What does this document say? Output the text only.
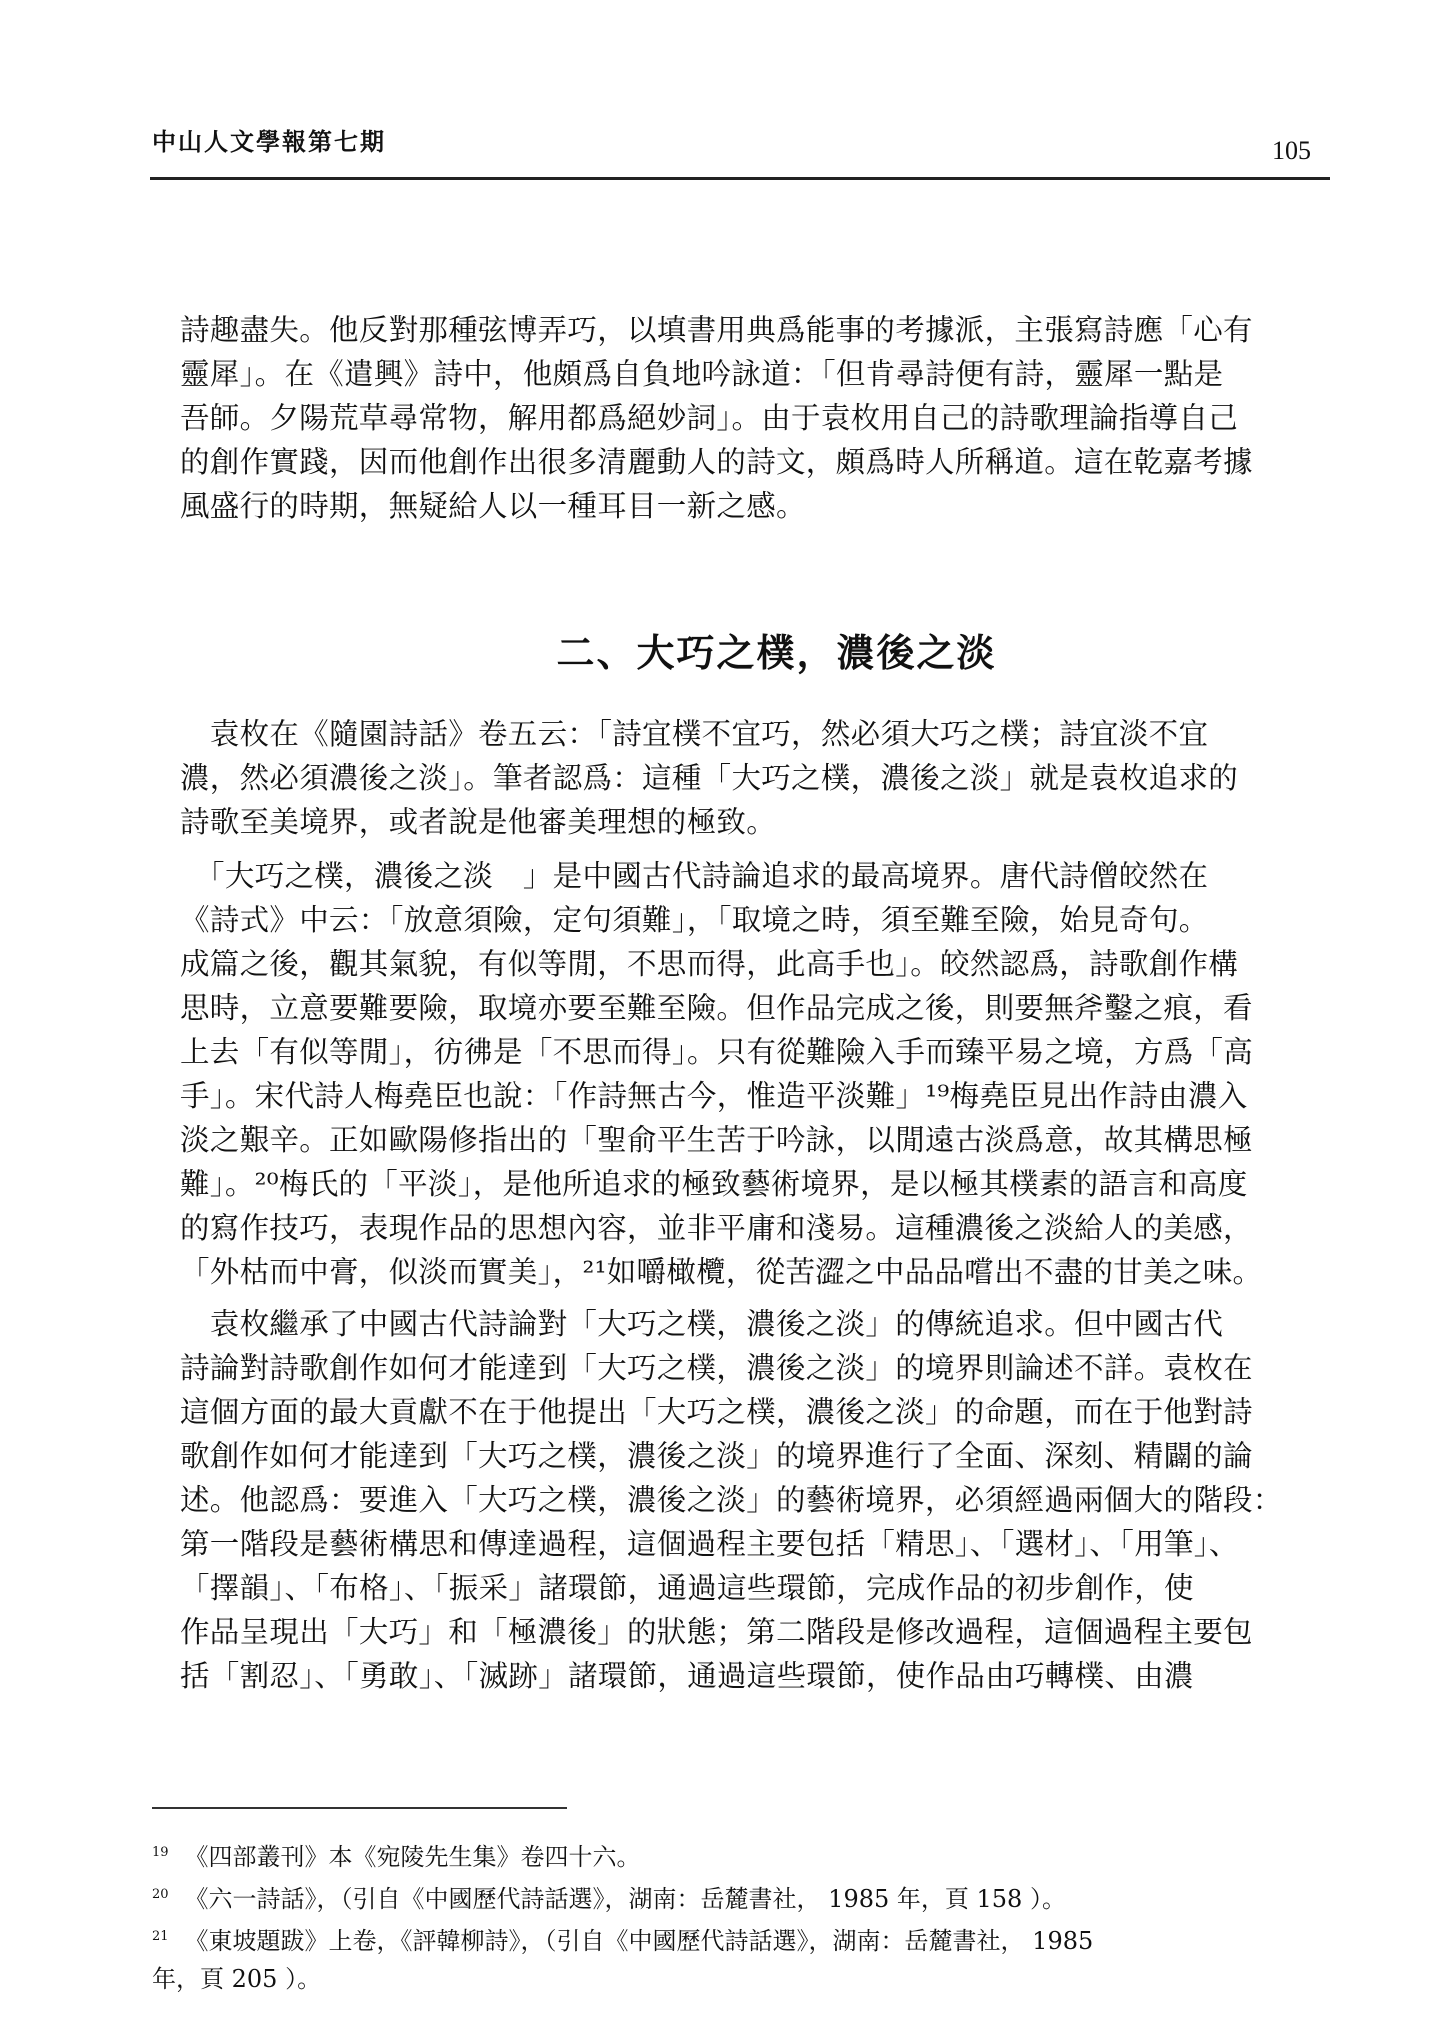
中山人文學報第七期	105
詩趣盡失。他反對那種弦博弄巧，以填書用典爲能事的考據派，主張寫詩應「心有
靈犀」。在《遣興》詩中，他頗爲自負地吟詠道：「但肯尋詩便有詩，靈犀一點是
吾師。夕陽荒草尋常物，解用都爲絕妙詞」。由于袁枚用自己的詩歌理論指導自己
的創作實踐，因而他創作出很多清麗動人的詩文，頗爲時人所稱道。這在乾嘉考據
風盛行的時期，無疑給人以一種耳目一新之感。
二、大巧之樸，濃後之淡
　袁枚在《隨園詩話》卷五云：「詩宜樸不宜巧，然必須大巧之樸；詩宜淡不宜
濃，然必須濃後之淡」。筆者認爲：這種「大巧之樸，濃後之淡」就是袁枚追求的
詩歌至美境界，或者說是他審美理想的極致。
　「大巧之樸，濃後之淡　」是中國古代詩論追求的最高境界。唐代詩僧皎然在
《詩式》中云：「放意須險，定句須難」，「取境之時，須至難至險，始見奇句。
成篇之後，觀其氣貌，有似等閒，不思而得，此高手也」。皎然認爲，詩歌創作構
思時，立意要難要險，取境亦要至難至險。但作品完成之後，則要無斧鑿之痕，看
上去「有似等閒」，彷彿是「不思而得」。只有從難險入手而臻平易之境，方爲「高
手」。宋代詩人梅堯臣也說：「作詩無古今，惟造平淡難」¹⁹梅堯臣見出作詩由濃入
淡之艱辛。正如歐陽修指出的「聖俞平生苦于吟詠，以閒遠古淡爲意，故其構思極
難」。²⁰梅氏的「平淡」，是他所追求的極致藝術境界，是以極其樸素的語言和高度
的寫作技巧，表現作品的思想內容，並非平庸和淺易。這種濃後之淡給人的美感，
「外枯而中膏，似淡而實美」，²¹如嚼橄欖，從苦澀之中品品嚐出不盡的甘美之味。
　袁枚繼承了中國古代詩論對「大巧之樸，濃後之淡」的傳統追求。但中國古代
詩論對詩歌創作如何才能達到「大巧之樸，濃後之淡」的境界則論述不詳。袁枚在
這個方面的最大貢獻不在于他提出「大巧之樸，濃後之淡」的命題，而在于他對詩
歌創作如何才能達到「大巧之樸，濃後之淡」的境界進行了全面、深刻、精闢的論
述。他認爲：要進入「大巧之樸，濃後之淡」的藝術境界，必須經過兩個大的階段：
第一階段是藝術構思和傳達過程，這個過程主要包括「精思」、「選材」、「用筆」、
「擇韻」、「布格」、「振采」諸環節，通過這些環節，完成作品的初步創作，使
作品呈現出「大巧」和「極濃後」的狀態；第二階段是修改過程，這個過程主要包
括「割忍」、「勇敢」、「滅跡」諸環節，通過這些環節，使作品由巧轉樸、由濃
$^{19}$ 《四部叢刊》本《宛陵先生集》卷四十六。
$^{20}$ 《六一詩話》，（引自《中國歷代詩話選》，湖南：岳麓書社， 1985 年，頁 158 ）。
$^{21}$ 《東坡題跋》上卷，《評韓柳詩》，（引自《中國歷代詩話選》，湖南：岳麓書社， 1985
年，頁 205 ）。
